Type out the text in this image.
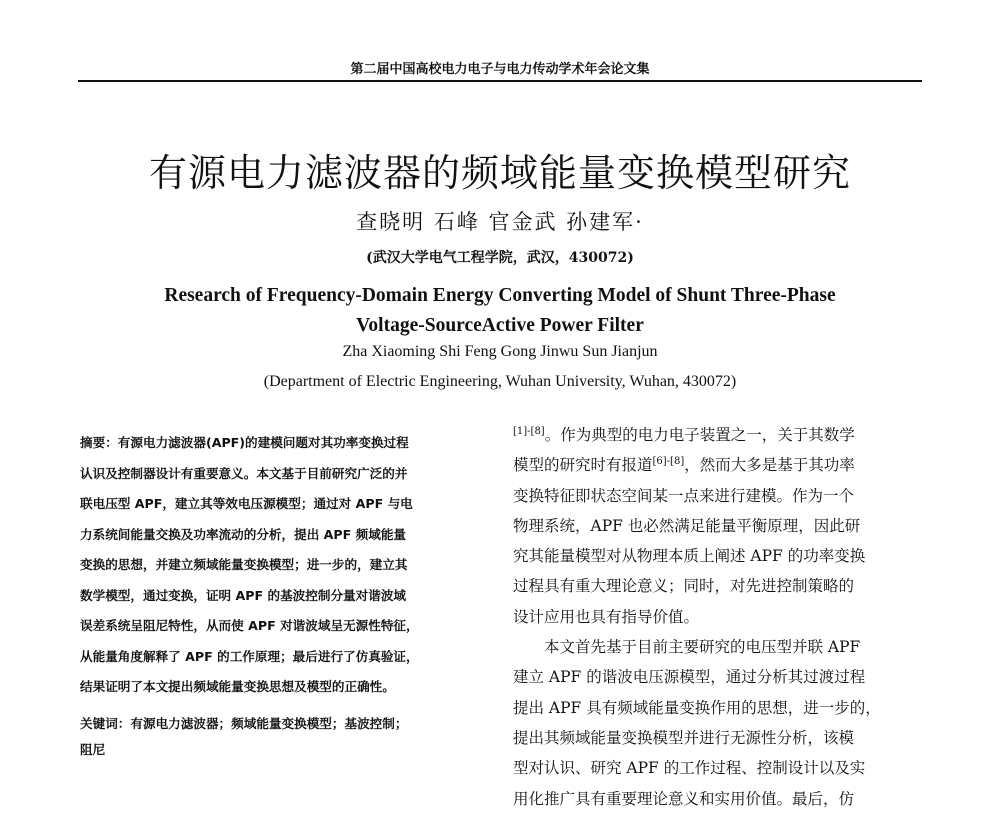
第二届中国高校电力电子与电力传动学术年会论文集
有源电力滤波器的频域能量变换模型研究
查晓明 石峰 官金武 孙建军·
(武汉大学电气工程学院，武汉，430072)
Research of Frequency-Domain Energy Converting Model of Shunt Three-Phase
Voltage-SourceActive Power Filter
Zha Xiaoming Shi Feng Gong Jinwu Sun Jianjun
(Department of Electric Engineering, Wuhan University, Wuhan, 430072)
摘要：有源电力滤波器(APF)的建模问题对其功率变换过程
认识及控制器设计有重要意义。本文基于目前研究广泛的并
联电压型 APF，建立其等效电压源模型；通过对 APF 与电
力系统间能量交换及功率流动的分析，提出 APF 频域能量
变换的思想，并建立频域能量变换模型；进一步的，建立其
数学模型，通过变换，证明 APF 的基波控制分量对谐波域
误差系统呈阻尼特性，从而使 APF 对谐波域呈无源性特征，
从能量角度解释了 APF 的工作原理；最后进行了仿真验证，
结果证明了本文提出频域能量变换思想及模型的正确性。
关键词：有源电力滤波器；频域能量变换模型；基波控制；
阻尼
[1]-[8]。作为典型的电力电子装置之一，关于其数学
模型的研究时有报道[6]-[8]，然而大多是基于其功率
变换特征即状态空间某一点来进行建模。作为一个
物理系统，APF 也必然满足能量平衡原理，因此研
究其能量模型对从物理本质上阐述 APF 的功率变换
过程具有重大理论意义；同时，对先进控制策略的
设计应用也具有指导价值。
　　本文首先基于目前主要研究的电压型并联 APF
建立 APF 的谐波电压源模型，通过分析其过渡过程
提出 APF 具有频域能量变换作用的思想，进一步的，
提出其频域能量变换模型并进行无源性分析，该模
型对认识、研究 APF 的工作过程、控制设计以及实
用化推广具有重要理论意义和实用价值。最后，仿
